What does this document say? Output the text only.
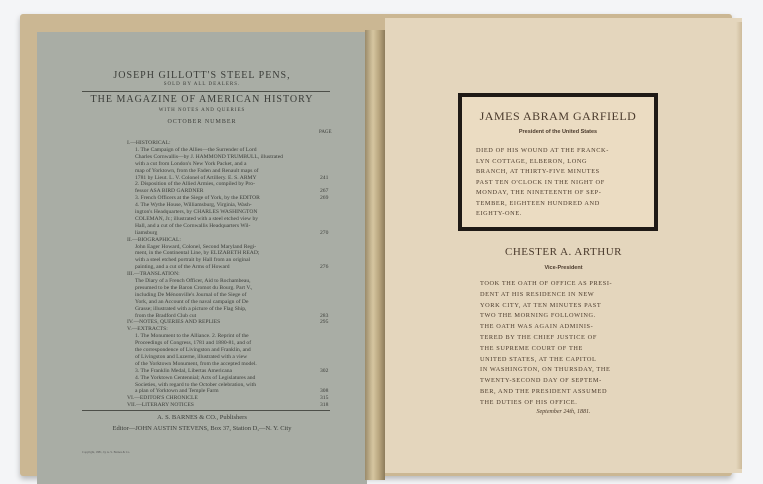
JOSEPH GILLOTT'S STEEL PENS,
SOLD BY ALL DEALERS.
THE MAGAZINE OF AMERICAN HISTORY
WITH NOTES AND QUERIES
OCTOBER NUMBER
PAGE
I.—HISTORICAL:
1. The Campaign of the Allies—the Surrender of Lord
Charles Cornwallis—by J. HAMMOND TRUMBULL, illustrated
with a cut from London's New York Packet, and a
map of Yorktown, from the Faden and Renault maps of
1781 by Lieut. L. V. Colonel of Artillery. E. S. ARMY	241
2. Disposition of the Allied Armies, compiled by Pro-
fessor ASA BIRD GARDNER	267
3. French Officers at the Siege of York, by the EDITOR	269
4. The Wythe House, Williamsburg, Virginia, Wash-
ington's Headquarters, by CHARLES WASHINGTON
COLEMAN, Jr.; illustrated with a steel etched view by
Hall, and a cut of the Cornwallis Headquarters Wil-
liamsburg	270
II.—BIOGRAPHICAL:
John Eager Howard, Colonel, Second Maryland Regi-
ment, in the Continental Line, by ELIZABETH READ;
with a steel etched portrait by Hall from an original
painting, and a cut of the Arms of Howard	276
III.—TRANSLATION:
The Diary of a French Officer, Aid to Rochambeau,
presumed to be the Baron Cromot du Bourg. Part V.,
including De Ménonville's Journal of the Siege of
York, and an Account of the naval campaign of De
Grasse; illustrated with a picture of the Flag Ship,
from the Bradford Club cut	283
IV.—NOTES, QUERIES AND REPLIES	295
V.—EXTRACTS:
1. The Monument to the Alliance. 2. Reprint of the
Proceedings of Congress, 1781 and 1880-81, and of
the correspondence of Livingston and Franklin, and
of Livingston and Luzerne, illustrated with a view
of the Yorktown Monument, from the accepted model.
3. The Franklin Medal, Libertas Americana	302
4. The Yorktown Centennial; Acts of Legislatures and
Societies, with regard to the October celebration, with
a plan of Yorktown and Temple Farm	308
VI.—EDITOR'S CHRONICLE	315
VII.—LITERARY NOTICES	318
A. S. BARNES & CO., Publishers
Editor—JOHN AUSTIN STEVENS, Box 37, Station D,—N. Y. City
Copyright, 1881, by A. S. Barnes & Co.
JAMES ABRAM GARFIELD
President of the United States
DIED OF HIS WOUND AT THE FRANCK-
LYN COTTAGE, ELBERON, LONG
BRANCH, AT THIRTY-FIVE MINUTES
PAST TEN O'CLOCK IN THE NIGHT OF
MONDAY, THE NINETEENTH OF SEP-
TEMBER, EIGHTEEN HUNDRED AND
EIGHTY-ONE.
CHESTER A. ARTHUR
Vice-President
TOOK THE OATH OF OFFICE AS PRESI-
DENT AT HIS RESIDENCE IN NEW
YORK CITY, AT TEN MINUTES PAST
TWO THE MORNING FOLLOWING.
THE OATH WAS AGAIN ADMINIS-
TERED BY THE CHIEF JUSTICE OF
THE SUPREME COURT OF THE
UNITED STATES, AT THE CAPITOL
IN WASHINGTON, ON THURSDAY, THE
TWENTY-SECOND DAY OF SEPTEM-
BER, AND THE PRESIDENT ASSUMED
THE DUTIES OF HIS OFFICE.
September 24th, 1881.
